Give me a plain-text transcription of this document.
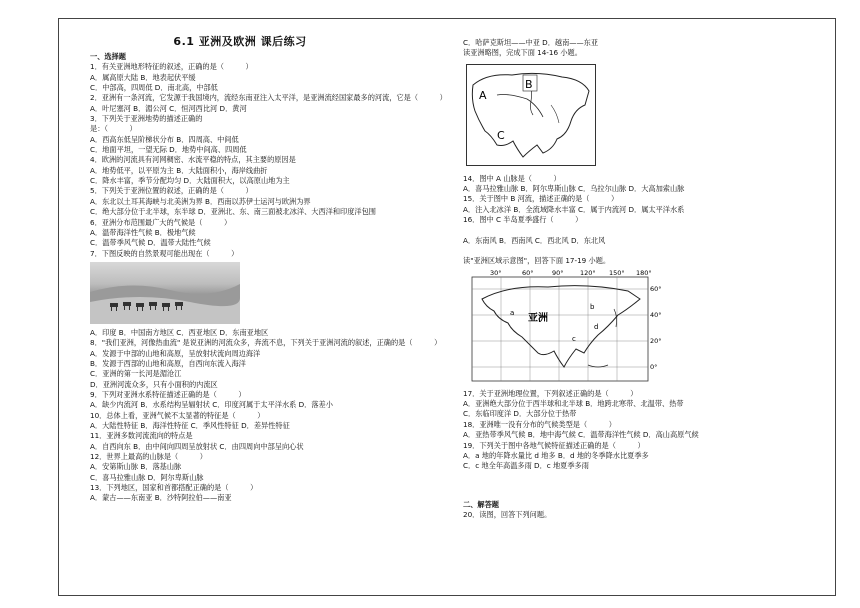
6.1 亚洲及欧洲 课后练习
一、选择题
1．有关亚洲地形特征的叙述，正确的是（　　　）
A．属高原大陆 B．地表起伏平缓
C．中部高，四周低 D．南北高，中部低
2．亚洲有一条河流，它发源于我国境内，流经东南亚注入太平洋，是亚洲流经国家最多的河流，它是（　　　）
A．叶尼塞河 B．湄公河 C．恒河西比河 D．黄河
3．下列关于亚洲地势的描述正确的
是：（　　　）
A．西高东低呈阶梯状分布 B．四周高、中间低
C．地面平坦，一望无际 D．地势中间高、四周低
4．欧洲的河流具有河网稠密、水流平稳的特点，其主要的原因是
A．地势低平，以平原为主 B．大陆面积小，海岸线曲折
C．降水丰富，季节分配均匀 D．大陆面积大，以高原山地为主
5．下列关于亚洲位置的叙述，正确的是（　　　）
A．东北以土耳其海峡与北美洲为界 B．西南以苏伊士运河与欧洲为界
C．绝大部分位于北半球，东半球 D．亚洲北、东、南三面被北冰洋、大西洋和印度洋包围
6．亚洲分布范围最广大的气候是（　　　）
A．温带海洋性气候 B．极地气候
C．温带季风气候 D．温带大陆性气候
7．下图反映的自然景观可能出现在（　　　）
A．印度 B．中国南方地区 C．西亚地区 D．东南亚地区
8．"我们亚洲，河像热血流" 是说亚洲的河流众多，奔流不息，下列关于亚洲河流的叙述，正确的是（　　　）
A．发源于中部的山地和高原，呈放射状流向周边海洋
B．发源于西部的山地和高原，自西向东流入海洋
C．亚洲的第一长河是湄沧江
D．亚洲河流众多，只有小面积的内流区
9．下列对亚洲水系特征描述正确的是（　　　）
A．缺少内流河 B．水系结构呈辐射状 C．印度河属于太平洋水系 D．落差小
10．总体上看，亚洲气候不太显著的特征是（　　　）
A．大陆性特征 B．海洋性特征 C．季风性特征 D．差异性特征
11．亚洲多数河流流向的特点是
A．自西向东 B．由中间向四周呈放射状 C．由四周向中部呈向心状
12．世界上最高的山脉是（　　　）
A．安第斯山脉 B．落基山脉
C．喜马拉雅山脉 D．阿尔卑斯山脉
13．下列地区，国家和首都搭配正确的是（　　　）
A．蒙古——东南亚 B．沙特阿拉伯——南亚
C．哈萨克斯坦——中亚 D．越南——东亚
读亚洲略图，完成下面 14-16 小题。
A
B
C
14．图中 A 山脉是（　　　）
A．喜马拉雅山脉 B．阿尔卑斯山脉 C．乌拉尔山脉 D．大高加索山脉
15．关于图中 B 河流，描述正确的是（　　　）
A．注入北冰洋 B．全流域降水丰富 C．属于内流河 D．属太平洋水系
16．图中 C 半岛夏季盛行（　　　）
A．东南风 B．西南风 C．西北风 D．东北风
读"亚洲区域示意图"，回答下面 17-19 小题。
亚洲
a
b
c
d
30°	60°	90°	120° 150° 180°
60°
40°
20°
0°
17．关于亚洲地理位置，下列叙述正确的是（　　　）
A．亚洲绝大部分位于西半球和北半球 B．地跨北寒带、北温带、热带
C．东临印度洋 D．大部分位于热带
18．亚洲唯一没有分布的气候类型是（　　　）
A．亚热带季风气候 B．地中海气候 C．温带海洋性气候 D．高山高原气候
19．下列关于图中各地气候特征描述正确的是（　　　）
A．a 地的年降水量比 d 地多 B．d 地的冬季降水比夏季多
C．c 地全年高温多雨 D．c 地夏季多雨
二、解答题
20．读图，回答下列问题。
